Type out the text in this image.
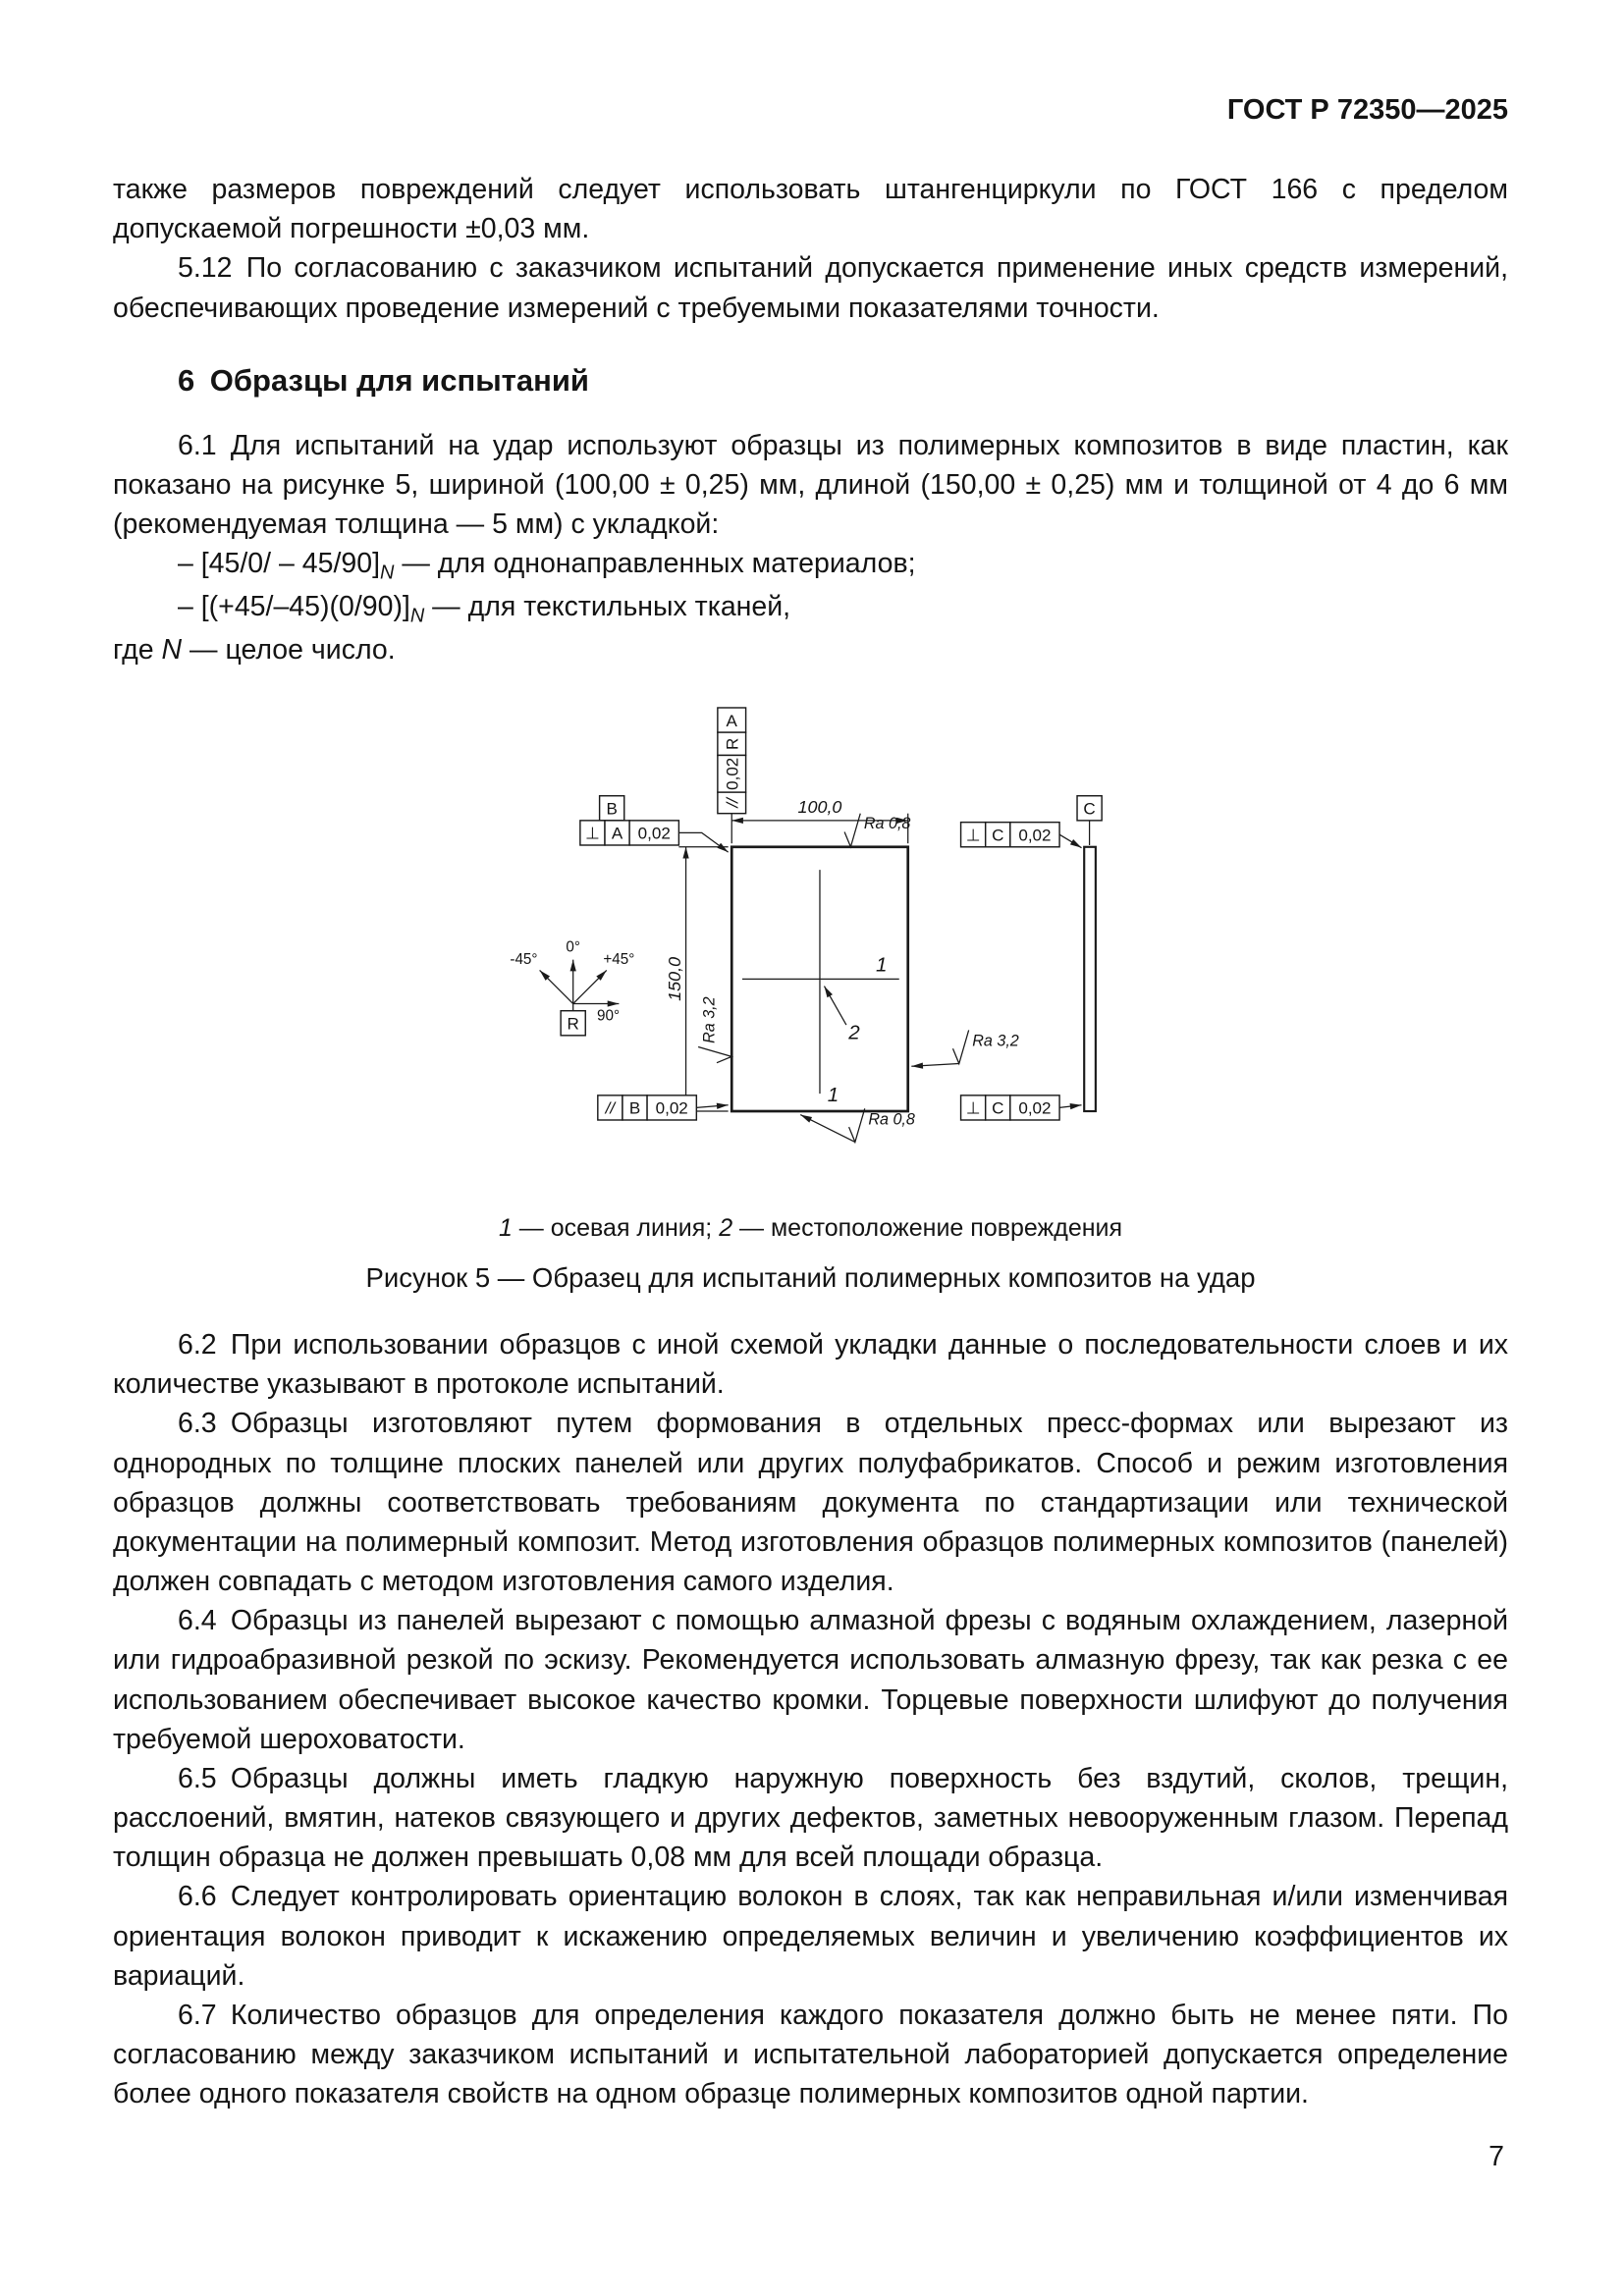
ГОСТ Р 72350—2025

также размеров повреждений следует использовать штангенциркули по ГОСТ 166 с пределом допускаемой погрешности ±0,03 мм.

5.12 По согласованию с заказчиком испытаний допускается применение иных средств измерений, обеспечивающих проведение измерений с требуемыми показателями точности.

6 Образцы для испытаний

6.1 Для испытаний на удар используют образцы из полимерных композитов в виде пластин, как показано на рисунке 5, шириной (100,00 ± 0,25) мм, длиной (150,00 ± 0,25) мм и толщиной от 4 до 6 мм (рекомендуемая толщина — 5 мм) с укладкой:

– $[45/0/ - 45/90]_N$ — для однонаправленных материалов;

– $[(+45/-45)(0/90)]_N$ — для текстильных тканей,

где N — целое число.

100,0
А
R
0,02
//
Ra 0,8
В
⊥ А 0,02
150,0
0°
+45°
-45°
90°
R	Ra 3,2	2
1
1
С
⊥ С 0,02
⊥ С 0,02
Ra 3,2
// В 0,02
Ra 0,8
1 — осевая линия; 2 — местоположение повреждения
Рисунок 5 — Образец для испытаний полимерных композитов на удар

6.2 При использовании образцов с иной схемой укладки данные о последовательности слоев и их количестве указывают в протоколе испытаний.

6.3 Образцы изготовляют путем формования в отдельных пресс-формах или вырезают из однородных по толщине плоских панелей или других полуфабрикатов. Способ и режим изготовления образцов должны соответствовать требованиям документа по стандартизации или технической документации на полимерный композит. Метод изготовления образцов полимерных композитов (панелей) должен совпадать с методом изготовления самого изделия.

6.4 Образцы из панелей вырезают с помощью алмазной фрезы с водяным охлаждением, лазерной или гидроабразивной резкой по эскизу. Рекомендуется использовать алмазную фрезу, так как резка с ее использованием обеспечивает высокое качество кромки. Торцевые поверхности шлифуют до получения требуемой шероховатости.

6.5 Образцы должны иметь гладкую наружную поверхность без вздутий, сколов, трещин, расслоений, вмятин, натеков связующего и других дефектов, заметных невооруженным глазом. Перепад толщин образца не должен превышать 0,08 мм для всей площади образца.

6.6 Следует контролировать ориентацию волокон в слоях, так как неправильная и/или изменчивая ориентация волокон приводит к искажению определяемых величин и увеличению коэффициентов их вариаций.

6.7 Количество образцов для определения каждого показателя должно быть не менее пяти. По согласованию между заказчиком испытаний и испытательной лабораторией допускается определение более одного показателя свойств на одном образце полимерных композитов одной партии.

7
